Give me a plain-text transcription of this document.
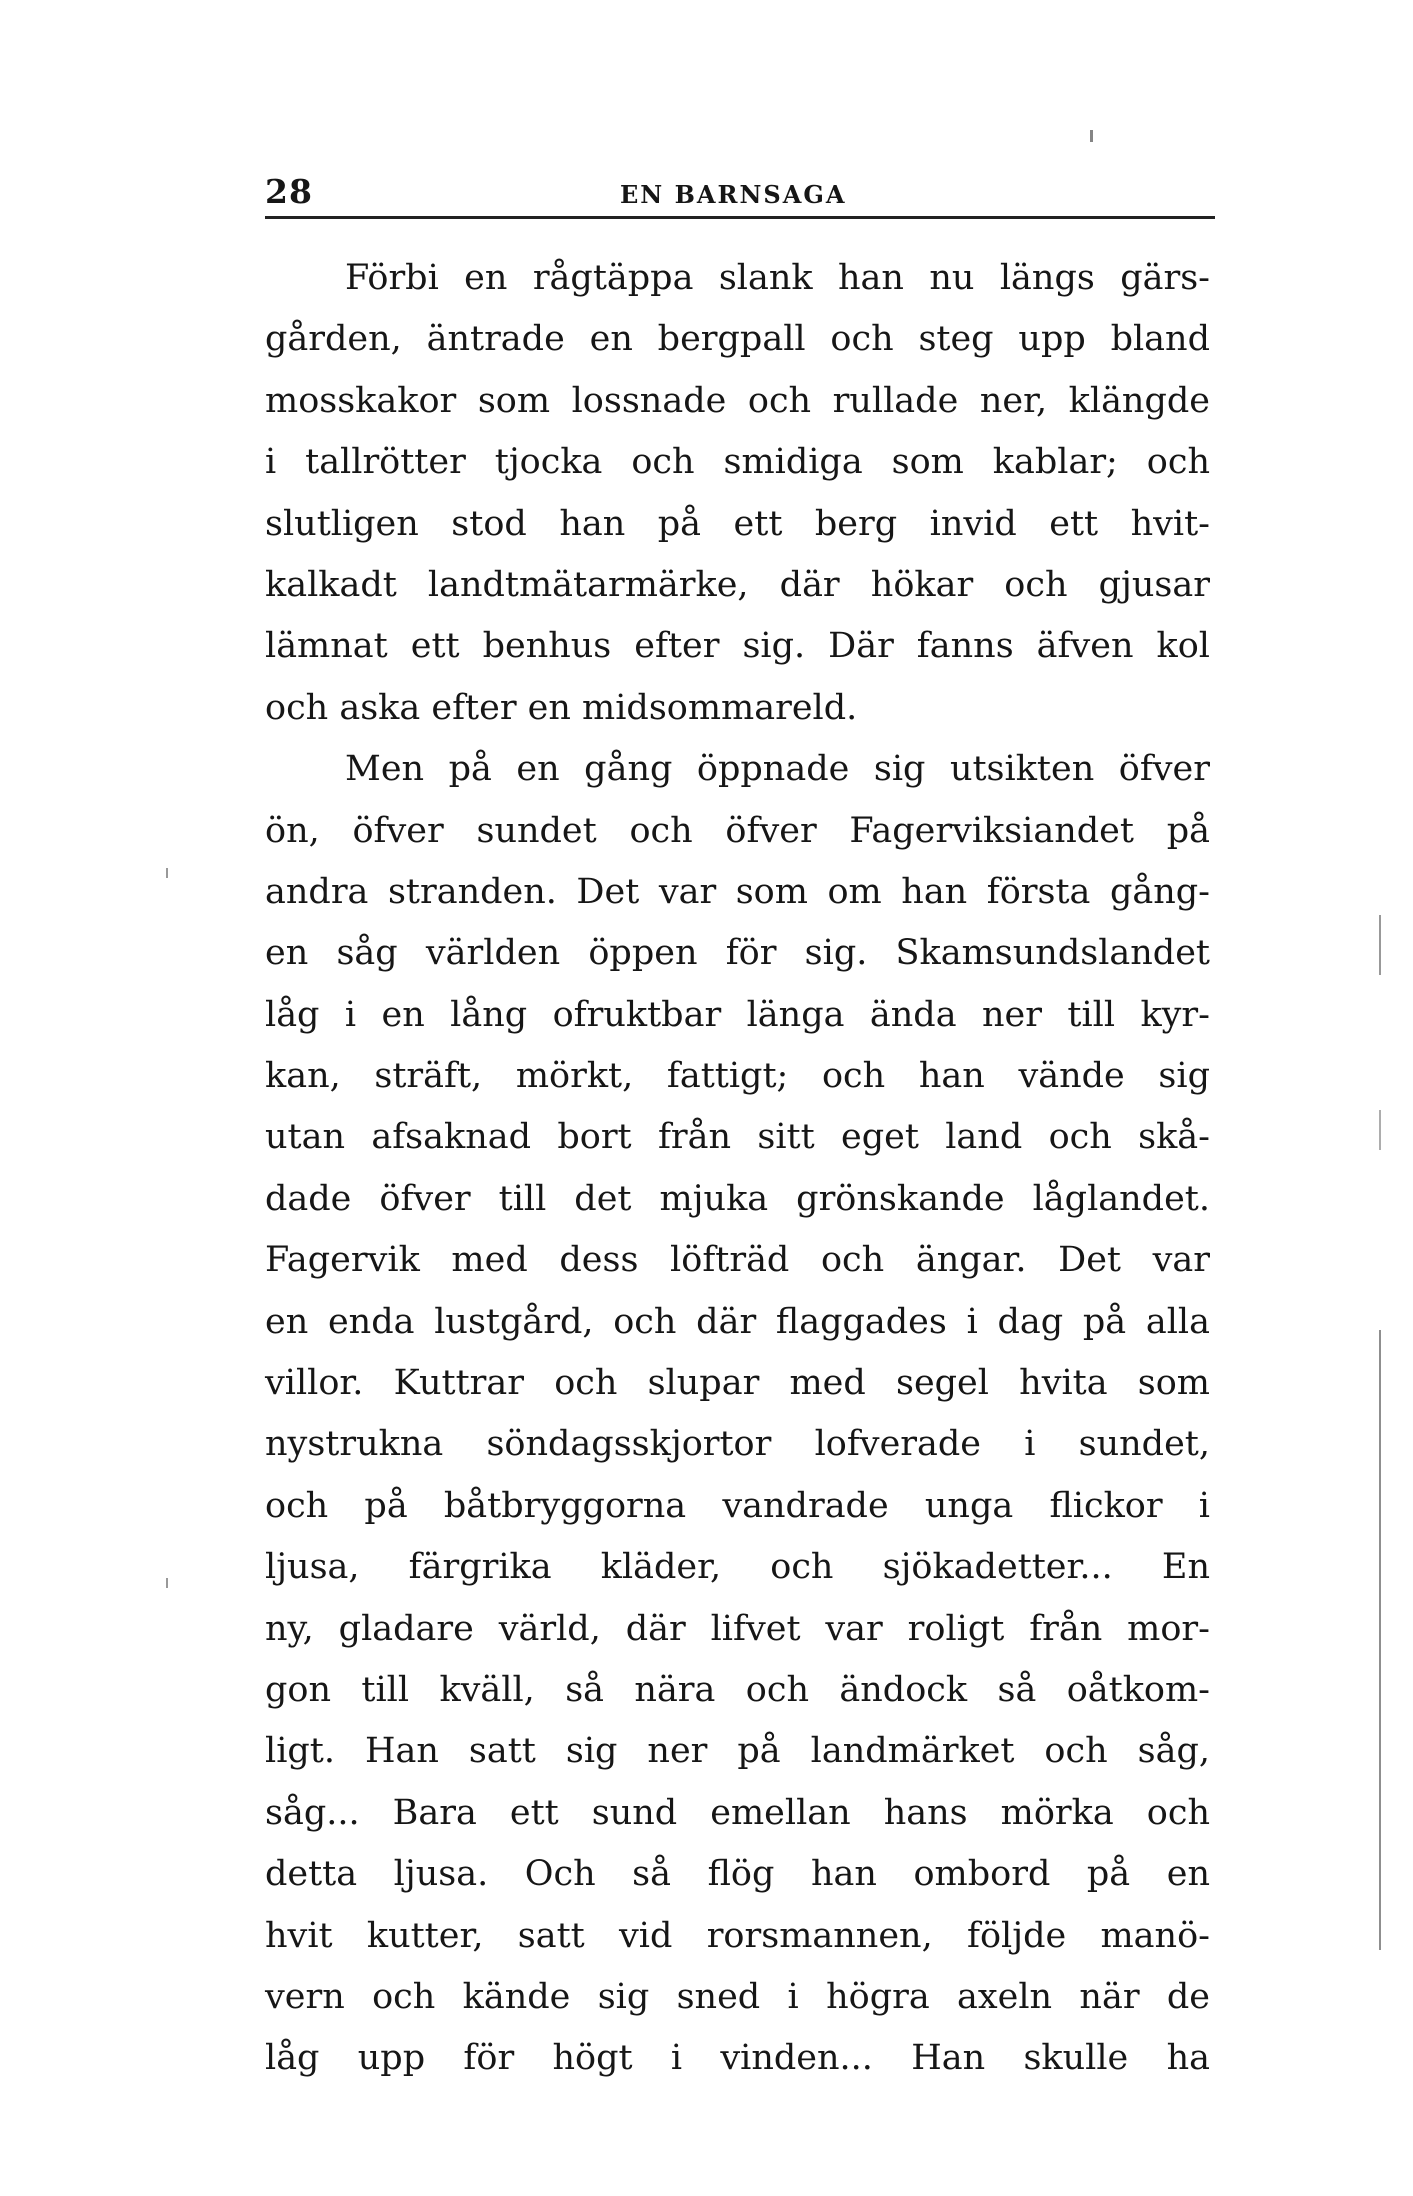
28	EN BARNSAGA
Förbi en rågtäppa slank han nu längs gärs-
gården, äntrade en bergpall och steg upp bland
mosskakor som lossnade och rullade ner, klängde
i tallrötter tjocka och smidiga som kablar; och
slutligen stod han på ett berg invid ett hvit-
kalkadt landtmätarmärke, där hökar och gjusar
lämnat ett benhus efter sig. Där fanns äfven kol
och aska efter en midsommareld.
Men på en gång öppnade sig utsikten öfver
ön, öfver sundet och öfver Fagerviksiandet på
andra stranden. Det var som om han första gång-
en såg världen öppen för sig. Skamsundslandet
låg i en lång ofruktbar länga ända ner till kyr-
kan, sträft, mörkt, fattigt; och han vände sig
utan afsaknad bort från sitt eget land och skå-
dade öfver till det mjuka grönskande låglandet.
Fagervik med dess löfträd och ängar. Det var
en enda lustgård, och där flaggades i dag på alla
villor. Kuttrar och slupar med segel hvita som
nystrukna söndagsskjortor lofverade i sundet,
och på båtbryggorna vandrade unga flickor i
ljusa, färgrika kläder, och sjökadetter... En
ny, gladare värld, där lifvet var roligt från mor-
gon till kväll, så nära och ändock så oåtkom-
ligt. Han satt sig ner på landmärket och såg,
såg... Bara ett sund emellan hans mörka och
detta ljusa. Och så flög han ombord på en
hvit kutter, satt vid rorsmannen, följde manö-
vern och kände sig sned i högra axeln när de
låg upp för högt i vinden... Han skulle ha
